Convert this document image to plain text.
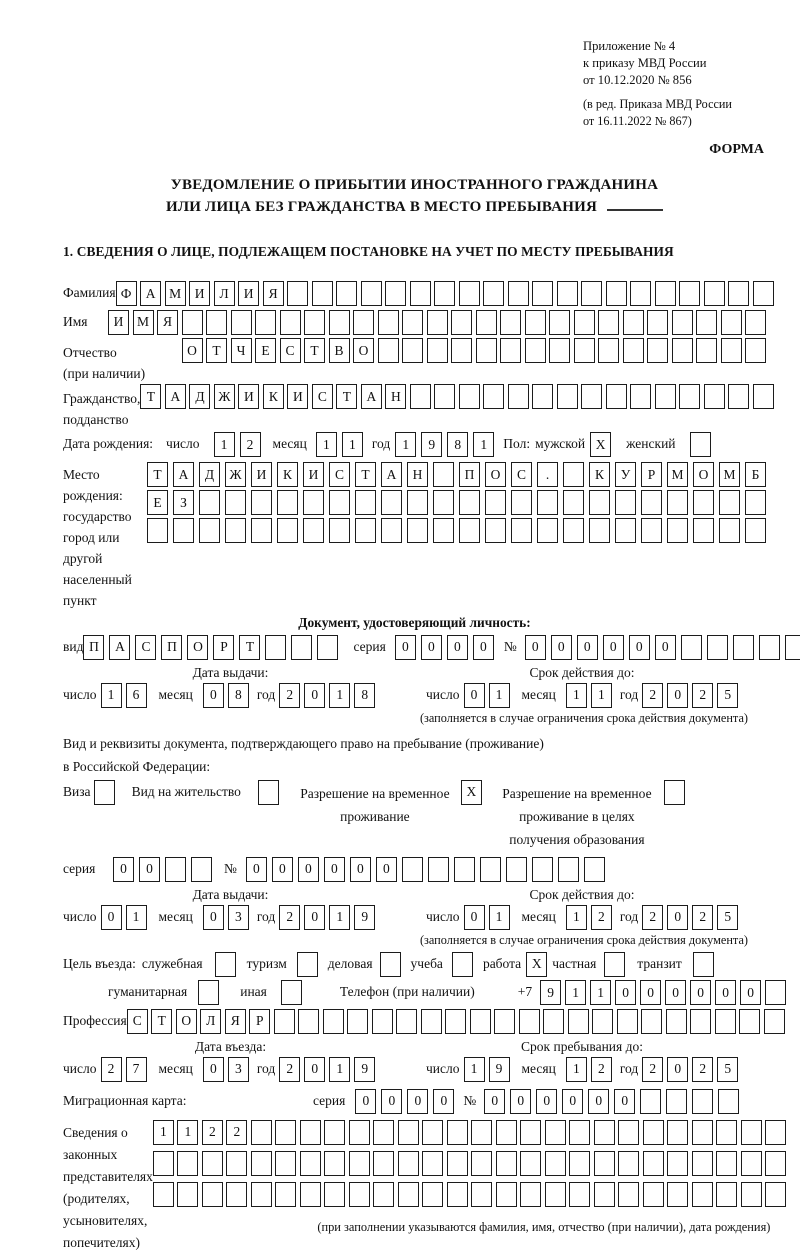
Приложение № 4
к приказу МВД России
от 10.12.2020 № 856
(в ред. Приказа МВД России
от 16.11.2022 № 867)
ФОРМА
УВЕДОМЛЕНИЕ О ПРИБЫТИИ ИНОСТРАННОГО ГРАЖДАНИНА
ИЛИ ЛИЦА БЕЗ ГРАЖДАНСТВА В МЕСТО ПРЕБЫВАНИЯ
1. СВЕДЕНИЯ О ЛИЦЕ, ПОДЛЕЖАЩЕМ ПОСТАНОВКЕ НА УЧЕТ ПО МЕСТУ ПРЕБЫВАНИЯ
Фамилия Ф	А	М	И	Л	И	Я
Имя	И	М	Я
Отчество
(при наличии)
О	Т	Ч	Е	С	Т	В	О
Гражданство,
подданство
Т	А	Д	Ж	И	К	И	С	Т	А	Н
Дата рождения: число	1	2	месяц	1	1	год 1	9	8	1	Пол: мужской X	женский
Место рождения:
государство
город или другой
населенный пункт
Т	А	Д	Ж	И	К	И	С	Т	А	Н	П	О	С	.	К	У	Р	М	О	М	Б
Е	З
Документ, удостоверяющий личность:
вид П	А	С	П	О	Р	Т	серия	0	0	0	0	№	0	0	0	0	0	0
Дата выдачи:
число 1	6	месяц	0	8	год 2	0	1	8
Срок действия до:
число 0	1	месяц	1	1	год 2	0	2	5
(заполняется в случае ограничения срока действия документа)
Вид и реквизиты документа, подтверждающего право на пребывание (проживание)
в Российской Федерации:
Виза	Вид на жительство	Разрешение на временное
проживание
X	Разрешение на временное
проживание в целях
получения образования
серия	0	0	№	0	0	0	0	0	0
Дата выдачи:
число 0	1	месяц	0	3	год 2	0	1	9
Срок действия до:
число 0	1	месяц	1	2	год 2	0	2	5
(заполняется в случае ограничения срока действия документа)
Цель въезда: служебная	туризм	деловая	учеба	работа X частная	транзит
гуманитарная	иная	Телефон (при наличии)	+7	9	1	1	0	0	0	0	0	0
Профессия С	Т	О	Л	Я	Р
Дата въезда:
число 2	7	месяц	0	3	год 2	0	1	9
Срок пребывания до:
число 1	9	месяц	1	2	год 2	0	2	5
Миграционная карта:	серия	0	0	0	0	№	0	0	0	0	0	0
Сведения о
законных
представителях
(родителях,
усыновителях,
попечителях)
1	1	2	2
(при заполнении указываются фамилия, имя, отчество (при наличии), дата рождения)
